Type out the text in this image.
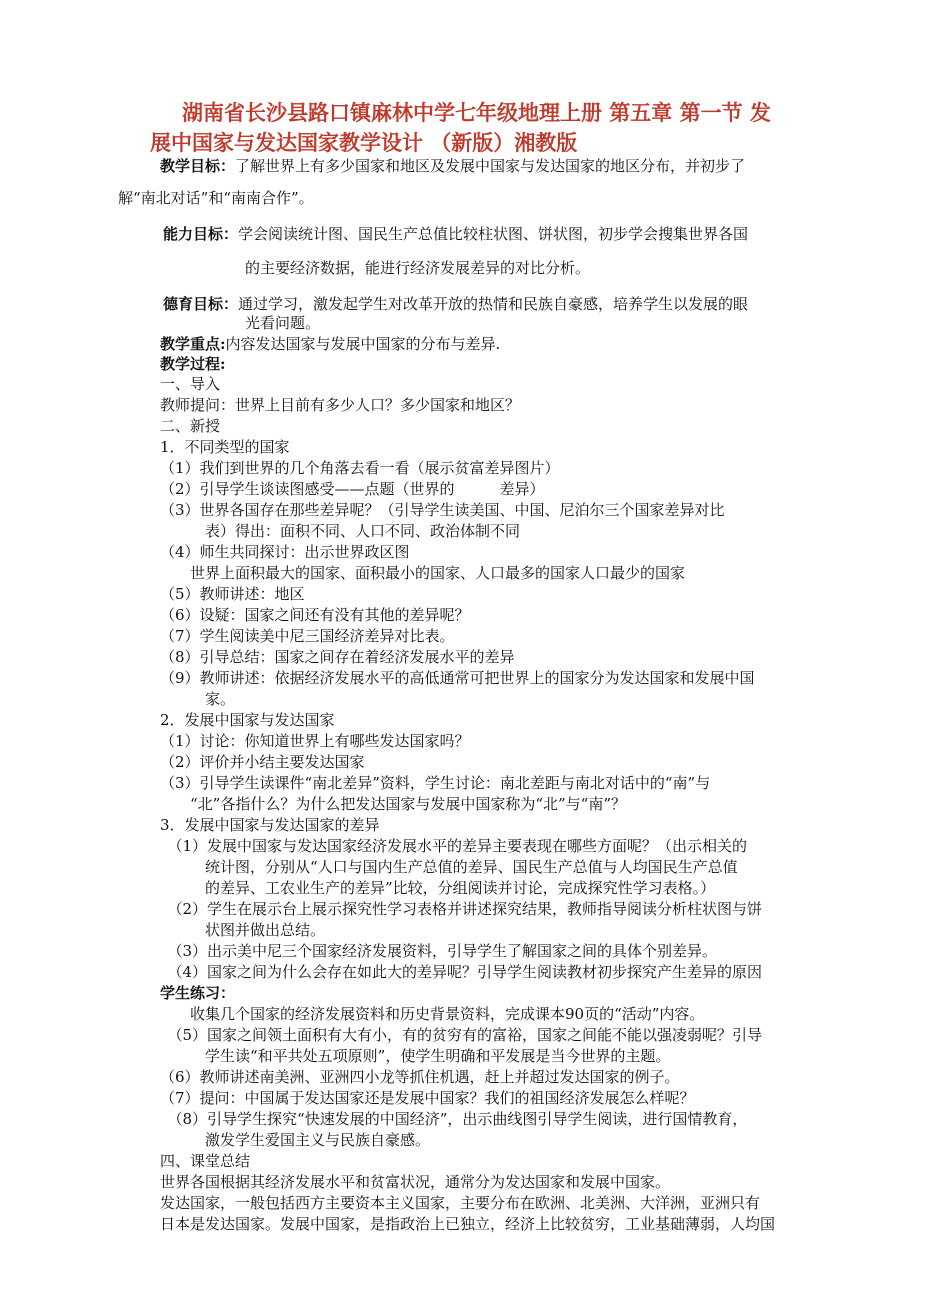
湖南省长沙县路口镇麻林中学七年级地理上册 第五章 第一节 发
展中国家与发达国家教学设计 （新版）湘教版
教学目标：了解世界上有多少国家和地区及发展中国家与发达国家的地区分布，并初步了
解“南北对话”和“南南合作”。
能力目标：学会阅读统计图、国民生产总值比较柱状图、饼状图，初步学会搜集世界各国
的主要经济数据，能进行经济发展差异的对比分析。
德育目标：通过学习，激发起学生对改革开放的热情和民族自豪感，培养学生以发展的眼
光看问题。
教学重点:内容发达国家与发展中国家的分布与差异.
教学过程:
一、导入
教师提问：世界上目前有多少人口？多少国家和地区？
二、新授
1．不同类型的国家
（1）我们到世界的几个角落去看一看（展示贫富差异图片）
（2）引导学生谈读图感受——点题（世界的　　　差异）
（3）世界各国存在那些差异呢？（引导学生读美国、中国、尼泊尔三个国家差异对比
　　　表）得出：面积不同、人口不同、政治体制不同
（4）师生共同探讨：出示世界政区图
　　世界上面积最大的国家、面积最小的国家、人口最多的国家人口最少的国家
（5）教师讲述：地区
（6）设疑：国家之间还有没有其他的差异呢？
（7）学生阅读美中尼三国经济差异对比表。
（8）引导总结：国家之间存在着经济发展水平的差异
（9）教师讲述：依据经济发展水平的高低通常可把世界上的国家分为发达国家和发展中国
　　　家。
2．发展中国家与发达国家
（1）讨论：你知道世界上有哪些发达国家吗？
（2）评价并小结主要发达国家
（3）引导学生读课件“南北差异”资料，学生讨论：南北差距与南北对话中的“南”与
　　“北”各指什么？为什么把发达国家与发展中国家称为“北”与“南”？
3．发展中国家与发达国家的差异
　（1）发展中国家与发达国家经济发展水平的差异主要表现在哪些方面呢？（出示相关的
　　　统计图，分别从“人口与国内生产总值的差异、国民生产总值与人均国民生产总值
　　　的差异、工农业生产的差异”比较，分组阅读并讨论，完成探究性学习表格。）
　（2）学生在展示台上展示探究性学习表格并讲述探究结果，教师指导阅读分析柱状图与饼
　　　状图并做出总结。
　（3）出示美中尼三个国家经济发展资料，引导学生了解国家之间的具体个别差异。
　（4）国家之间为什么会存在如此大的差异呢？引导学生阅读教材初步探究产生差异的原因
学生练习：
　　收集几个国家的经济发展资料和历史背景资料，完成课本90页的“活动”内容。
　（5）国家之间领土面积有大有小，有的贫穷有的富裕，国家之间能不能以强凌弱呢？引导
　　　学生读“和平共处五项原则”，使学生明确和平发展是当今世界的主题。
（6）教师讲述南美洲、亚洲四小龙等抓住机遇，赶上并超过发达国家的例子。
（7）提问：中国属于发达国家还是发展中国家？我们的祖国经济发展怎么样呢？
　（8）引导学生探究“快速发展的中国经济”，出示曲线图引导学生阅读，进行国情教育，
　　　激发学生爱国主义与民族自豪感。
四、课堂总结
世界各国根据其经济发展水平和贫富状况，通常分为发达国家和发展中国家。
发达国家，一般包括西方主要资本主义国家，主要分布在欧洲、北美洲、大洋洲，亚洲只有
日本是发达国家。发展中国家，是指政治上已独立，经济上比较贫穷，工业基础薄弱，人均国
